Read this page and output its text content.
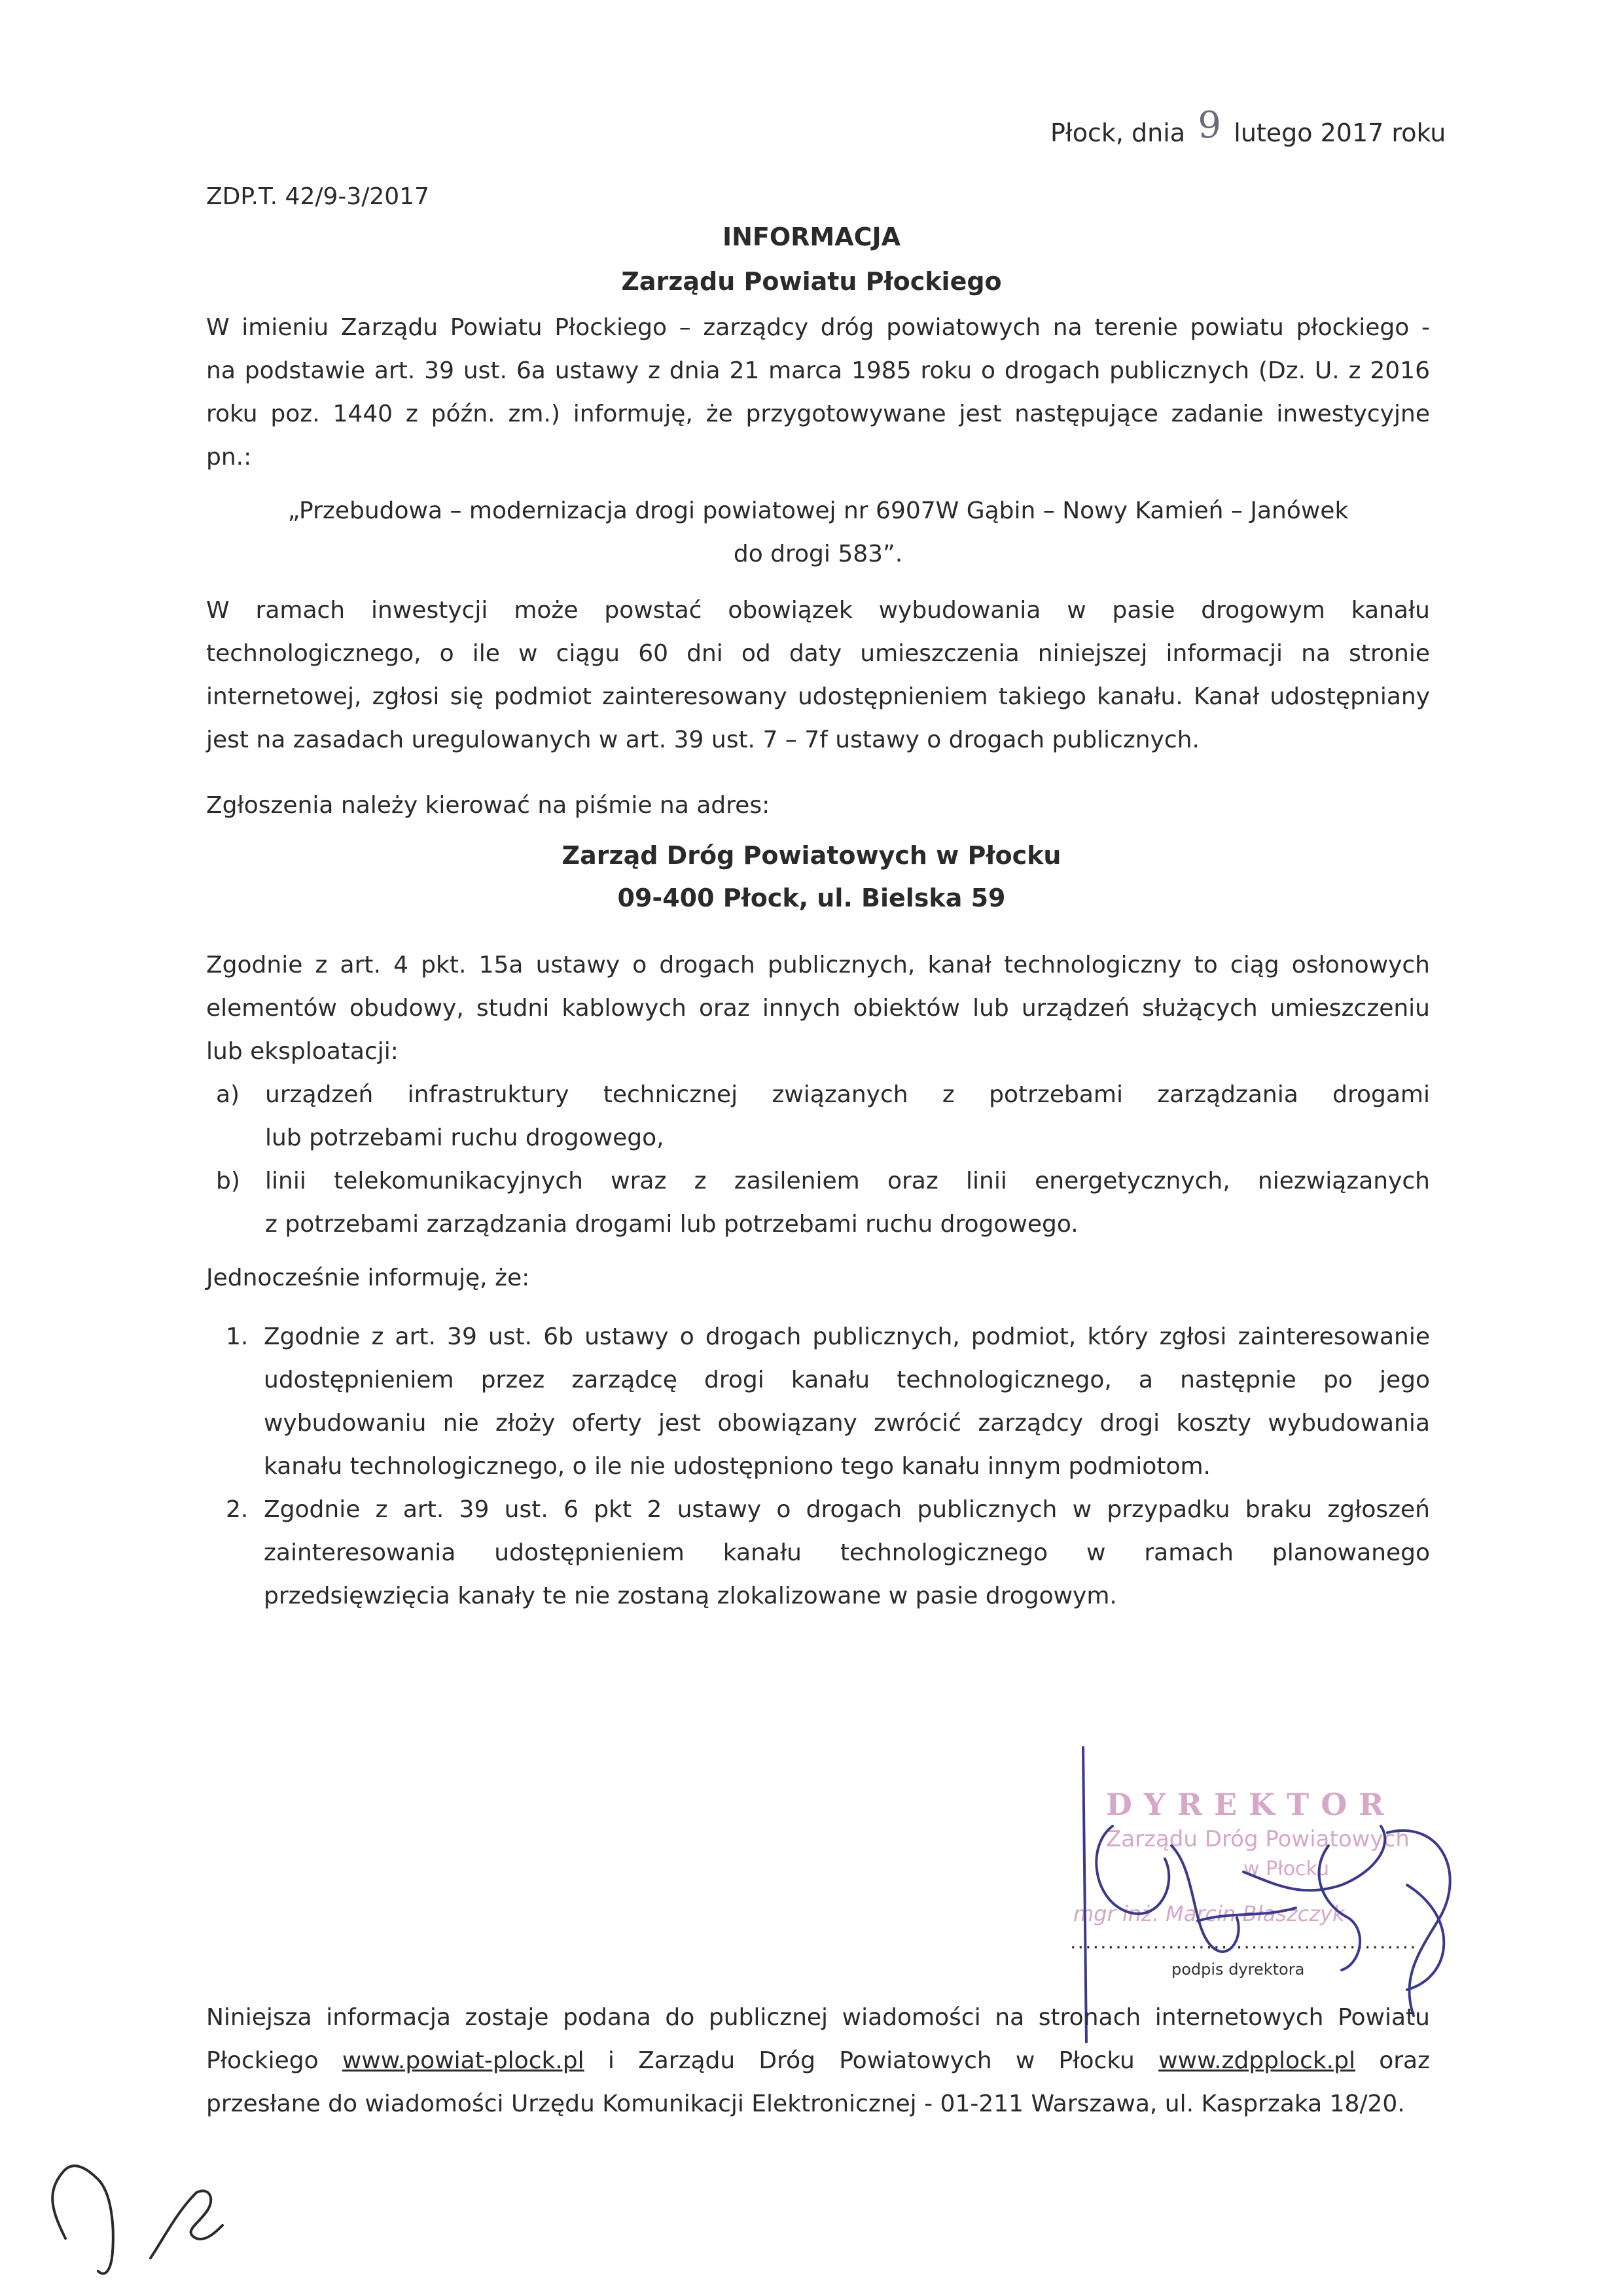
Płock, dnia 9 lutego 2017 roku
ZDP.T. 42/9-3/2017
INFORMACJA
Zarządu Powiatu Płockiego
W imieniu Zarządu Powiatu Płockiego – zarządcy dróg powiatowych na terenie powiatu płockiego -
na podstawie art. 39 ust. 6a ustawy z dnia 21 marca 1985 roku o drogach publicznych (Dz. U. z 2016
roku poz. 1440 z późn. zm.) informuję, że przygotowywane jest następujące zadanie inwestycyjne
pn.:
„Przebudowa – modernizacja drogi powiatowej nr 6907W Gąbin – Nowy Kamień – Janówek
do drogi 583”.
W ramach inwestycji może powstać obowiązek wybudowania w pasie drogowym kanału
technologicznego, o ile w ciągu 60 dni od daty umieszczenia niniejszej informacji na stronie
internetowej, zgłosi się podmiot zainteresowany udostępnieniem takiego kanału. Kanał udostępniany
jest na zasadach uregulowanych w art. 39 ust. 7 – 7f ustawy o drogach publicznych.
Zgłoszenia należy kierować na piśmie na adres:
Zarząd Dróg Powiatowych w Płocku
09-400 Płock, ul. Bielska 59
Zgodnie z art. 4 pkt. 15a ustawy o drogach publicznych, kanał technologiczny to ciąg osłonowych
elementów obudowy, studni kablowych oraz innych obiektów lub urządzeń służących umieszczeniu
lub eksploatacji:
a) urządzeń infrastruktury technicznej związanych z potrzebami zarządzania drogami
lub potrzebami ruchu drogowego,
b) linii telekomunikacyjnych wraz z zasileniem oraz linii energetycznych, niezwiązanych
z potrzebami zarządzania drogami lub potrzebami ruchu drogowego.
Jednocześnie informuję, że:
1. Zgodnie z art. 39 ust. 6b ustawy o drogach publicznych, podmiot, który zgłosi zainteresowanie
udostępnieniem przez zarządcę drogi kanału technologicznego, a następnie po jego
wybudowaniu nie złoży oferty jest obowiązany zwrócić zarządcy drogi koszty wybudowania
kanału technologicznego, o ile nie udostępniono tego kanału innym podmiotom.
2. Zgodnie z art. 39 ust. 6 pkt 2 ustawy o drogach publicznych w przypadku braku zgłoszeń
zainteresowania udostępnieniem kanału technologicznego w ramach planowanego
przedsięwzięcia kanały te nie zostaną zlokalizowane w pasie drogowym.
DYREKTOR
Zarządu Dróg Powiatowych
w Płocku
mgr inż. Marcin Błaszczyk
..............................................
podpis dyrektora
Niniejsza informacja zostaje podana do publicznej wiadomości na stronach internetowych Powiatu
Płockiego www.powiat-plock.pl i Zarządu Dróg Powiatowych w Płocku www.zdpplock.pl oraz
przesłane do wiadomości Urzędu Komunikacji Elektronicznej - 01-211 Warszawa, ul. Kasprzaka 18/20.
